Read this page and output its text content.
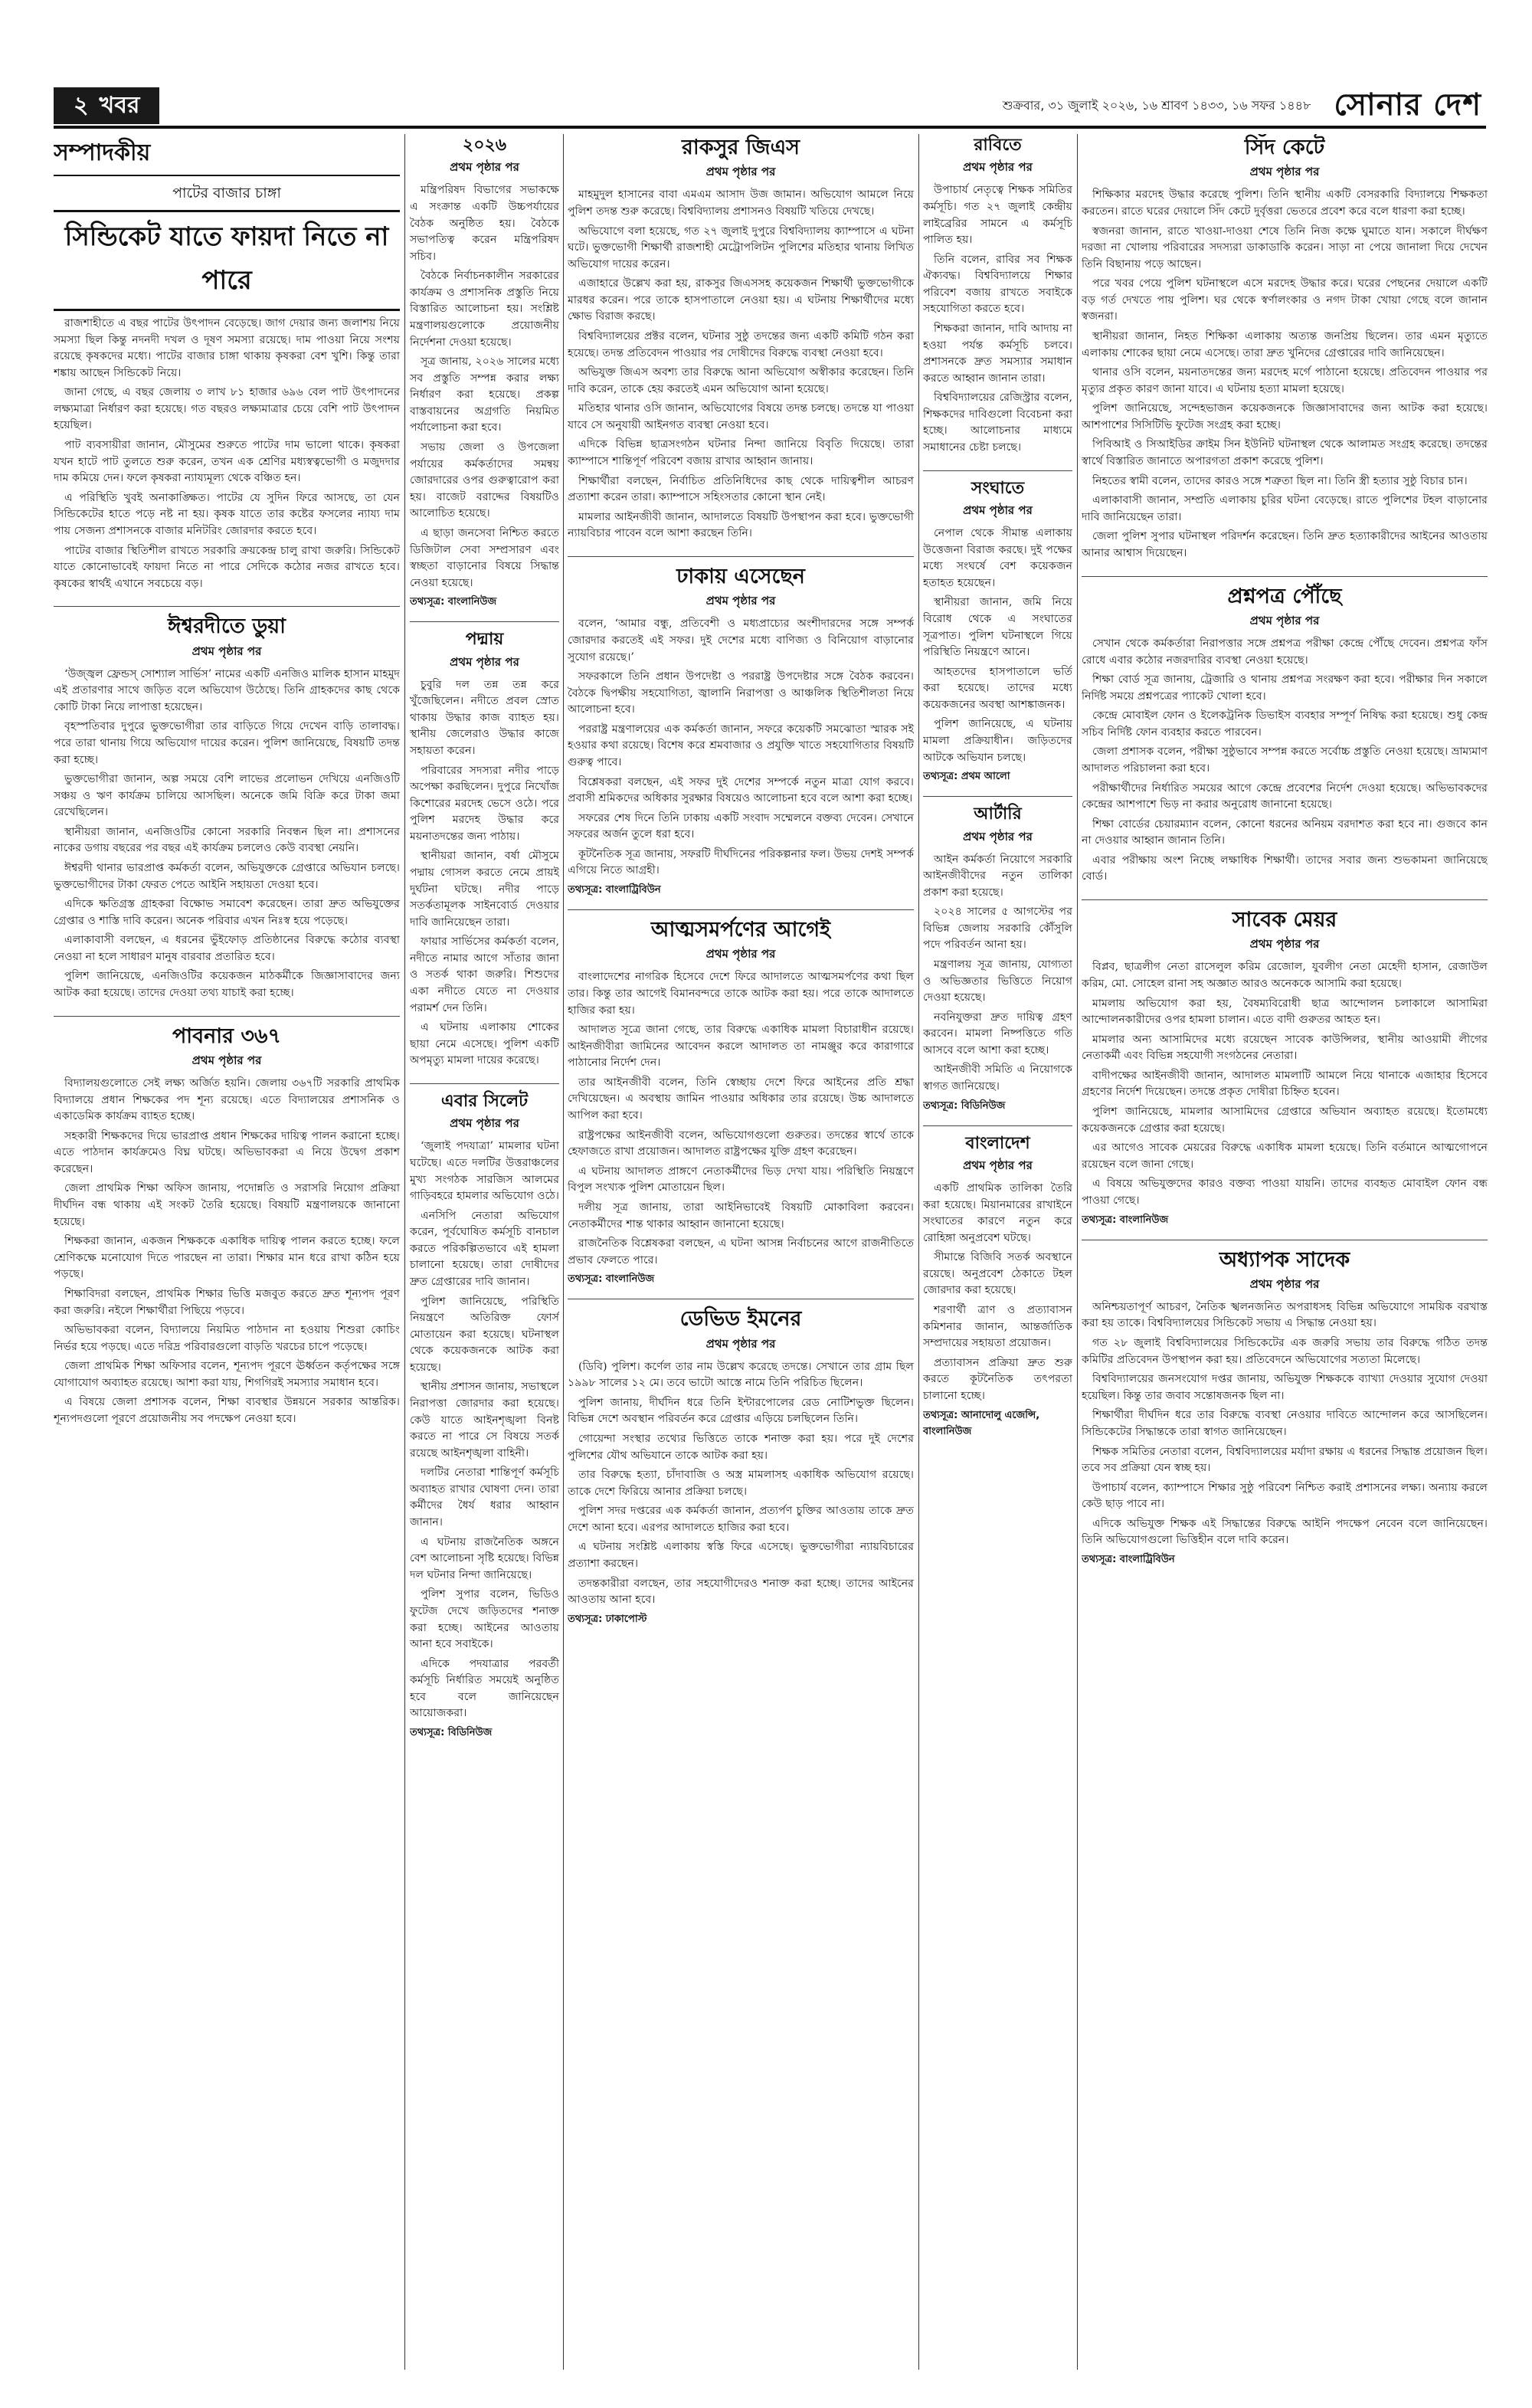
২ খবর	শুক্রবার, ৩১ জুলাই ২০২৬, ১৬ শ্রাবণ ১৪৩৩, ১৬ সফর ১৪৪৮ সোনার দেশ
সম্পাদকীয়
পাটের বাজার চাঙ্গা
সিন্ডিকেট যাতে ফায়দা নিতে না পারে

রাজশাহীতে এ বছর পাটের উৎপাদন বেড়েছে। জাগ দেয়ার জন্য জলাশয় নিয়ে সমস্যা ছিল কিন্তু নদনদী দখল ও দূষণ সমস্যা রয়েছে। দাম পাওয়া নিয়ে সংশয় রয়েছে কৃষকদের মধ্যে। পাটের বাজার চাঙ্গা থাকায় কৃষকরা বেশ খুশি। কিন্তু তারা শঙ্কায় আছেন সিন্ডিকেট নিয়ে।

জানা গেছে, এ বছর জেলায় ৩ লাখ ৮১ হাজার ৬৯৬ বেল পাট উৎপাদনের লক্ষ্যমাত্রা নির্ধারণ করা হয়েছে। গত বছরও লক্ষ্যমাত্রার চেয়ে বেশি পাট উৎপাদন হয়েছিল।

পাট ব্যবসায়ীরা জানান, মৌসুমের শুরুতে পাটের দাম ভালো থাকে। কৃষকরা যখন হাটে পাট তুলতে শুরু করেন, তখন এক শ্রেণির মধ্যস্বত্বভোগী ও মজুদদার দাম কমিয়ে দেন। ফলে কৃষকরা ন্যায্যমূল্য থেকে বঞ্চিত হন।

এ পরিস্থিতি খুবই অনাকাঙ্ক্ষিত। পাটের যে সুদিন ফিরে আসছে, তা যেন সিন্ডিকেটের হাতে পড়ে নষ্ট না হয়। কৃষক যাতে তার কষ্টের ফসলের ন্যায্য দাম পায় সেজন্য প্রশাসনকে বাজার মনিটরিং জোরদার করতে হবে।

পাটের বাজার স্থিতিশীল রাখতে সরকারি ক্রয়কেন্দ্র চালু রাখা জরুরি। সিন্ডিকেট যাতে কোনোভাবেই ফায়দা নিতে না পারে সেদিকে কঠোর নজর রাখতে হবে। কৃষকের স্বার্থই এখানে সবচেয়ে বড়।

ঈশ্বরদীতে ডুয়া
প্রথম পৃষ্ঠার পর

‘উজ্জ্বল ফ্রেন্ডস্ সোশ্যাল সার্ভিস’ নামের একটি এনজিও মালিক হাসান মাহমুদ এই প্রতারণার সাথে জড়িত বলে অভিযোগ উঠেছে। তিনি গ্রাহকদের কাছ থেকে কোটি টাকা নিয়ে লাপাত্তা হয়েছেন।

বৃহস্পতিবার দুপুরে ভুক্তভোগীরা তার বাড়িতে গিয়ে দেখেন বাড়ি তালাবদ্ধ। পরে তারা থানায় গিয়ে অভিযোগ দায়ের করেন। পুলিশ জানিয়েছে, বিষয়টি তদন্ত করা হচ্ছে।

ভুক্তভোগীরা জানান, অল্প সময়ে বেশি লাভের প্রলোভন দেখিয়ে এনজিওটি সঞ্চয় ও ঋণ কার্যক্রম চালিয়ে আসছিল। অনেকে জমি বিক্রি করে টাকা জমা রেখেছিলেন।

স্থানীয়রা জানান, এনজিওটির কোনো সরকারি নিবন্ধন ছিল না। প্রশাসনের নাকের ডগায় বছরের পর বছর এই কার্যক্রম চললেও কেউ ব্যবস্থা নেয়নি।

ঈশ্বরদী থানার ভারপ্রাপ্ত কর্মকর্তা বলেন, অভিযুক্তকে গ্রেপ্তারে অভিযান চলছে। ভুক্তভোগীদের টাকা ফেরত পেতে আইনি সহায়তা দেওয়া হবে।

এদিকে ক্ষতিগ্রস্ত গ্রাহকরা বিক্ষোভ সমাবেশ করেছেন। তারা দ্রুত অভিযুক্তের গ্রেপ্তার ও শাস্তি দাবি করেন। অনেক পরিবার এখন নিঃস্ব হয়ে পড়েছে।

এলাকাবাসী বলছেন, এ ধরনের ভুঁইফোড় প্রতিষ্ঠানের বিরুদ্ধে কঠোর ব্যবস্থা নেওয়া না হলে সাধারণ মানুষ বারবার প্রতারিত হবে।

পুলিশ জানিয়েছে, এনজিওটির কয়েকজন মাঠকর্মীকে জিজ্ঞাসাবাদের জন্য আটক করা হয়েছে। তাদের দেওয়া তথ্য যাচাই করা হচ্ছে।

পাবনার ৩৬৭
প্রথম পৃষ্ঠার পর

বিদ্যালয়গুলোতে সেই লক্ষ্য অর্জিত হয়নি। জেলায় ৩৬৭টি সরকারি প্রাথমিক বিদ্যালয়ে প্রধান শিক্ষকের পদ শূন্য রয়েছে। এতে বিদ্যালয়ের প্রশাসনিক ও একাডেমিক কার্যক্রম ব্যাহত হচ্ছে।

সহকারী শিক্ষকদের দিয়ে ভারপ্রাপ্ত প্রধান শিক্ষকের দায়িত্ব পালন করানো হচ্ছে। এতে পাঠদান কার্যক্রমেও বিঘ্ন ঘটছে। অভিভাবকরা এ নিয়ে উদ্বেগ প্রকাশ করেছেন।

জেলা প্রাথমিক শিক্ষা অফিস জানায়, পদোন্নতি ও সরাসরি নিয়োগ প্রক্রিয়া দীর্ঘদিন বন্ধ থাকায় এই সংকট তৈরি হয়েছে। বিষয়টি মন্ত্রণালয়কে জানানো হয়েছে।

শিক্ষকরা জানান, একজন শিক্ষককে একাধিক দায়িত্ব পালন করতে হচ্ছে। ফলে শ্রেণিকক্ষে মনোযোগ দিতে পারছেন না তারা। শিক্ষার মান ধরে রাখা কঠিন হয়ে পড়ছে।

শিক্ষাবিদরা বলছেন, প্রাথমিক শিক্ষার ভিত্তি মজবুত করতে দ্রুত শূন্যপদ পূরণ করা জরুরি। নইলে শিক্ষার্থীরা পিছিয়ে পড়বে।

অভিভাবকরা বলেন, বিদ্যালয়ে নিয়মিত পাঠদান না হওয়ায় শিশুরা কোচিং নির্ভর হয়ে পড়ছে। এতে দরিদ্র পরিবারগুলো বাড়তি খরচের চাপে পড়েছে।

জেলা প্রাথমিক শিক্ষা অফিসার বলেন, শূন্যপদ পূরণে ঊর্ধ্বতন কর্তৃপক্ষের সঙ্গে যোগাযোগ অব্যাহত রয়েছে। আশা করা যায়, শিগগিরই সমস্যার সমাধান হবে।

এ বিষয়ে জেলা প্রশাসক বলেন, শিক্ষা ব্যবস্থার উন্নয়নে সরকার আন্তরিক। শূন্যপদগুলো পূরণে প্রয়োজনীয় সব পদক্ষেপ নেওয়া হবে।

২০২৬
প্রথম পৃষ্ঠার পর

মন্ত্রিপরিষদ বিভাগের সভাকক্ষে এ সংক্রান্ত একটি উচ্চপর্যায়ের বৈঠক অনুষ্ঠিত হয়। বৈঠকে সভাপতিত্ব করেন মন্ত্রিপরিষদ সচিব।

বৈঠকে নির্বাচনকালীন সরকারের কার্যক্রম ও প্রশাসনিক প্রস্তুতি নিয়ে বিস্তারিত আলোচনা হয়। সংশ্লিষ্ট মন্ত্রণালয়গুলোকে প্রয়োজনীয় নির্দেশনা দেওয়া হয়েছে।

সূত্র জানায়, ২০২৬ সালের মধ্যে সব প্রস্তুতি সম্পন্ন করার লক্ষ্য নির্ধারণ করা হয়েছে। প্রকল্প বাস্তবায়নের অগ্রগতি নিয়মিত পর্যালোচনা করা হবে।

সভায় জেলা ও উপজেলা পর্যায়ের কর্মকর্তাদের সমন্বয় জোরদারের ওপর গুরুত্বারোপ করা হয়। বাজেট বরাদ্দের বিষয়টিও আলোচিত হয়েছে।

এ ছাড়া জনসেবা নিশ্চিত করতে ডিজিটাল সেবা সম্প্রসারণ এবং স্বচ্ছতা বাড়ানোর বিষয়ে সিদ্ধান্ত নেওয়া হয়েছে।

তথ্যসূত্র: বাংলানিউজ
পদ্মায়
প্রথম পৃষ্ঠার পর

চুবুরি দল তন্ন তন্ন করে খুঁজেছিলেন। নদীতে প্রবল স্রোত থাকায় উদ্ধার কাজ ব্যাহত হয়। স্থানীয় জেলেরাও উদ্ধার কাজে সহায়তা করেন।

পরিবারের সদস্যরা নদীর পাড়ে অপেক্ষা করছিলেন। দুপুরে নিখোঁজ কিশোরের মরদেহ ভেসে ওঠে। পরে পুলিশ মরদেহ উদ্ধার করে ময়নাতদন্তের জন্য পাঠায়।

স্থানীয়রা জানান, বর্ষা মৌসুমে পদ্মায় গোসল করতে নেমে প্রায়ই দুর্ঘটনা ঘটছে। নদীর পাড়ে সতর্কতামূলক সাইনবোর্ড দেওয়ার দাবি জানিয়েছেন তারা।

ফায়ার সার্ভিসের কর্মকর্তা বলেন, নদীতে নামার আগে সাঁতার জানা ও সতর্ক থাকা জরুরি। শিশুদের একা নদীতে যেতে না দেওয়ার পরামর্শ দেন তিনি।

এ ঘটনায় এলাকায় শোকের ছায়া নেমে এসেছে। পুলিশ একটি অপমৃত্যু মামলা দায়ের করেছে।

এবার সিলেট
প্রথম পৃষ্ঠার পর

‘জুলাই পদযাত্রা’ মামলার ঘটনা ঘটেছে। এতে দলটির উত্তরাঞ্চলের মুখ্য সংগঠক সারজিস আলমের গাড়িবহরে হামলার অভিযোগ ওঠে।

এনসিপি নেতারা অভিযোগ করেন, পূর্বঘোষিত কর্মসূচি বানচাল করতে পরিকল্পিতভাবে এই হামলা চালানো হয়েছে। তারা দোষীদের দ্রুত গ্রেপ্তারের দাবি জানান।

পুলিশ জানিয়েছে, পরিস্থিতি নিয়ন্ত্রণে অতিরিক্ত ফোর্স মোতায়েন করা হয়েছে। ঘটনাস্থল থেকে কয়েকজনকে আটক করা হয়েছে।

স্থানীয় প্রশাসন জানায়, সভাস্থলে নিরাপত্তা জোরদার করা হয়েছে। কেউ যাতে আইনশৃঙ্খলা বিনষ্ট করতে না পারে সে বিষয়ে সতর্ক রয়েছে আইনশৃঙ্খলা বাহিনী।

দলটির নেতারা শান্তিপূর্ণ কর্মসূচি অব্যাহত রাখার ঘোষণা দেন। তারা কর্মীদের ধৈর্য ধরার আহ্বান জানান।

এ ঘটনায় রাজনৈতিক অঙ্গনে বেশ আলোচনা সৃষ্টি হয়েছে। বিভিন্ন দল ঘটনার নিন্দা জানিয়েছে।

পুলিশ সুপার বলেন, ভিডিও ফুটেজ দেখে জড়িতদের শনাক্ত করা হচ্ছে। আইনের আওতায় আনা হবে সবাইকে।

এদিকে পদযাত্রার পরবর্তী কর্মসূচি নির্ধারিত সময়েই অনুষ্ঠিত হবে বলে জানিয়েছেন আয়োজকরা।

তথ্যসূত্র: বিডিনিউজ
রাকসুর জিএস
প্রথম পৃষ্ঠার পর

মাহমুদুল হাসানের বাবা এমএম আসাদ উজ জামান। অভিযোগ আমলে নিয়ে পুলিশ তদন্ত শুরু করেছে। বিশ্ববিদ্যালয় প্রশাসনও বিষয়টি খতিয়ে দেখছে।

অভিযোগে বলা হয়েছে, গত ২৭ জুলাই দুপুরে বিশ্ববিদ্যালয় ক্যাম্পাসে এ ঘটনা ঘটে। ভুক্তভোগী শিক্ষার্থী রাজশাহী মেট্রোপলিটন পুলিশের মতিহার থানায় লিখিত অভিযোগ দায়ের করেন।

এজাহারে উল্লেখ করা হয়, রাকসুর জিএসসহ কয়েকজন শিক্ষার্থী ভুক্তভোগীকে মারধর করেন। পরে তাকে হাসপাতালে নেওয়া হয়। এ ঘটনায় শিক্ষার্থীদের মধ্যে ক্ষোভ বিরাজ করছে।

বিশ্ববিদ্যালয়ের প্রক্টর বলেন, ঘটনার সুষ্ঠু তদন্তের জন্য একটি কমিটি গঠন করা হয়েছে। তদন্ত প্রতিবেদন পাওয়ার পর দোষীদের বিরুদ্ধে ব্যবস্থা নেওয়া হবে।

অভিযুক্ত জিএস অবশ্য তার বিরুদ্ধে আনা অভিযোগ অস্বীকার করেছেন। তিনি দাবি করেন, তাকে হেয় করতেই এমন অভিযোগ আনা হয়েছে।

মতিহার থানার ওসি জানান, অভিযোগের বিষয়ে তদন্ত চলছে। তদন্তে যা পাওয়া যাবে সে অনুযায়ী আইনগত ব্যবস্থা নেওয়া হবে।

এদিকে বিভিন্ন ছাত্রসংগঠন ঘটনার নিন্দা জানিয়ে বিবৃতি দিয়েছে। তারা ক্যাম্পাসে শান্তিপূর্ণ পরিবেশ বজায় রাখার আহ্বান জানায়।

শিক্ষার্থীরা বলছেন, নির্বাচিত প্রতিনিধিদের কাছ থেকে দায়িত্বশীল আচরণ প্রত্যাশা করেন তারা। ক্যাম্পাসে সহিংসতার কোনো স্থান নেই।

মামলার আইনজীবী জানান, আদালতে বিষয়টি উপস্থাপন করা হবে। ভুক্তভোগী ন্যায়বিচার পাবেন বলে আশা করছেন তিনি।

ঢাকায় এসেছেন
প্রথম পৃষ্ঠার পর

বলেন, ‘আমার বন্ধু, প্রতিবেশী ও মধ্যপ্রাচ্যের অংশীদারদের সঙ্গে সম্পর্ক জোরদার করতেই এই সফর। দুই দেশের মধ্যে বাণিজ্য ও বিনিয়োগ বাড়ানোর সুযোগ রয়েছে।’

সফরকালে তিনি প্রধান উপদেষ্টা ও পররাষ্ট্র উপদেষ্টার সঙ্গে বৈঠক করবেন। বৈঠকে দ্বিপক্ষীয় সহযোগিতা, জ্বালানি নিরাপত্তা ও আঞ্চলিক স্থিতিশীলতা নিয়ে আলোচনা হবে।

পররাষ্ট্র মন্ত্রণালয়ের এক কর্মকর্তা জানান, সফরে কয়েকটি সমঝোতা স্মারক সই হওয়ার কথা রয়েছে। বিশেষ করে শ্রমবাজার ও প্রযুক্তি খাতে সহযোগিতার বিষয়টি গুরুত্ব পাবে।

বিশ্লেষকরা বলছেন, এই সফর দুই দেশের সম্পর্কে নতুন মাত্রা যোগ করবে। প্রবাসী শ্রমিকদের অধিকার সুরক্ষার বিষয়েও আলোচনা হবে বলে আশা করা হচ্ছে।

সফরের শেষ দিনে তিনি ঢাকায় একটি সংবাদ সম্মেলনে বক্তব্য দেবেন। সেখানে সফরের অর্জন তুলে ধরা হবে।

কূটনৈতিক সূত্র জানায়, সফরটি দীর্ঘদিনের পরিকল্পনার ফল। উভয় দেশই সম্পর্ক এগিয়ে নিতে আগ্রহী।

তথ্যসূত্র: বাংলাট্রিবিউন
আত্মসমর্পণের আগেই
প্রথম পৃষ্ঠার পর

বাংলাদেশের নাগরিক হিসেবে দেশে ফিরে আদালতে আত্মসমর্পণের কথা ছিল তার। কিন্তু তার আগেই বিমানবন্দরে তাকে আটক করা হয়। পরে তাকে আদালতে হাজির করা হয়।

আদালত সূত্রে জানা গেছে, তার বিরুদ্ধে একাধিক মামলা বিচারাধীন রয়েছে। আইনজীবীরা জামিনের আবেদন করলে আদালত তা নামঞ্জুর করে কারাগারে পাঠানোর নির্দেশ দেন।

তার আইনজীবী বলেন, তিনি স্বেচ্ছায় দেশে ফিরে আইনের প্রতি শ্রদ্ধা দেখিয়েছেন। এ অবস্থায় জামিন পাওয়ার অধিকার তার রয়েছে। উচ্চ আদালতে আপিল করা হবে।

রাষ্ট্রপক্ষের আইনজীবী বলেন, অভিযোগগুলো গুরুতর। তদন্তের স্বার্থে তাকে হেফাজতে রাখা প্রয়োজন। আদালত রাষ্ট্রপক্ষের যুক্তি গ্রহণ করেছেন।

এ ঘটনায় আদালত প্রাঙ্গণে নেতাকর্মীদের ভিড় দেখা যায়। পরিস্থিতি নিয়ন্ত্রণে বিপুল সংখ্যক পুলিশ মোতায়েন ছিল।

দলীয় সূত্র জানায়, তারা আইনিভাবেই বিষয়টি মোকাবিলা করবেন। নেতাকর্মীদের শান্ত থাকার আহ্বান জানানো হয়েছে।

রাজনৈতিক বিশ্লেষকরা বলছেন, এ ঘটনা আসন্ন নির্বাচনের আগে রাজনীতিতে প্রভাব ফেলতে পারে।

তথ্যসূত্র: বাংলানিউজ
ডেভিড ইমনের
প্রথম পৃষ্ঠার পর

(ডিবি) পুলিশ। কর্ণেল তার নাম উল্লেখ করেছে তদন্তে। সেখানে তার গ্রাম ছিল ১৯৯৮ সালের ১২ মে। তবে ভাটো আস্তে নামে তিনি পরিচিত ছিলেন।

পুলিশ জানায়, দীর্ঘদিন ধরে তিনি ইন্টারপোলের রেড নোটিশভুক্ত ছিলেন। বিভিন্ন দেশে অবস্থান পরিবর্তন করে গ্রেপ্তার এড়িয়ে চলছিলেন তিনি।

গোয়েন্দা সংস্থার তথ্যের ভিত্তিতে তাকে শনাক্ত করা হয়। পরে দুই দেশের পুলিশের যৌথ অভিযানে তাকে আটক করা হয়।

তার বিরুদ্ধে হত্যা, চাঁদাবাজি ও অস্ত্র মামলাসহ একাধিক অভিযোগ রয়েছে। তাকে দেশে ফিরিয়ে আনার প্রক্রিয়া চলছে।

পুলিশ সদর দপ্তরের এক কর্মকর্তা জানান, প্রত্যর্পণ চুক্তির আওতায় তাকে দ্রুত দেশে আনা হবে। এরপর আদালতে হাজির করা হবে।

এ ঘটনায় সংশ্লিষ্ট এলাকায় স্বস্তি ফিরে এসেছে। ভুক্তভোগীরা ন্যায়বিচারের প্রত্যাশা করছেন।

তদন্তকারীরা বলছেন, তার সহযোগীদেরও শনাক্ত করা হচ্ছে। তাদের আইনের আওতায় আনা হবে।

তথ্যসূত্র: ঢাকাপোস্ট
রাবিতে
প্রথম পৃষ্ঠার পর

উপাচার্য নেতৃত্বে শিক্ষক সমিতির কর্মসূচি। গত ২৭ জুলাই কেন্দ্রীয় লাইব্রেরির সামনে এ কর্মসূচি পালিত হয়।

তিনি বলেন, রাবির সব শিক্ষক ঐক্যবদ্ধ। বিশ্ববিদ্যালয়ে শিক্ষার পরিবেশ বজায় রাখতে সবাইকে সহযোগিতা করতে হবে।

শিক্ষকরা জানান, দাবি আদায় না হওয়া পর্যন্ত কর্মসূচি চলবে। প্রশাসনকে দ্রুত সমস্যার সমাধান করতে আহ্বান জানান তারা।

বিশ্ববিদ্যালয়ের রেজিস্ট্রার বলেন, শিক্ষকদের দাবিগুলো বিবেচনা করা হচ্ছে। আলোচনার মাধ্যমে সমাধানের চেষ্টা চলছে।

সংঘাতে
প্রথম পৃষ্ঠার পর

নেপাল থেকে সীমান্ত এলাকায় উত্তেজনা বিরাজ করছে। দুই পক্ষের মধ্যে সংঘর্ষে বেশ কয়েকজন হতাহত হয়েছেন।

স্থানীয়রা জানান, জমি নিয়ে বিরোধ থেকে এ সংঘাতের সূত্রপাত। পুলিশ ঘটনাস্থলে গিয়ে পরিস্থিতি নিয়ন্ত্রণে আনে।

আহতদের হাসপাতালে ভর্তি করা হয়েছে। তাদের মধ্যে কয়েকজনের অবস্থা আশঙ্কাজনক।

পুলিশ জানিয়েছে, এ ঘটনায় মামলা প্রক্রিয়াধীন। জড়িতদের আটকে অভিযান চলছে।

তথ্যসূত্র: প্রথম আলো
আর্টারি
প্রথম পৃষ্ঠার পর

আইন কর্মকর্তা নিয়োগে সরকারি আইনজীবীদের নতুন তালিকা প্রকাশ করা হয়েছে।

২০২৪ সালের ৫ আগস্টের পর বিভিন্ন জেলায় সরকারি কৌঁসুলি পদে পরিবর্তন আনা হয়।

মন্ত্রণালয় সূত্র জানায়, যোগ্যতা ও অভিজ্ঞতার ভিত্তিতে নিয়োগ দেওয়া হয়েছে।

নবনিযুক্তরা দ্রুত দায়িত্ব গ্রহণ করবেন। মামলা নিষ্পত্তিতে গতি আসবে বলে আশা করা হচ্ছে।

আইনজীবী সমিতি এ নিয়োগকে স্বাগত জানিয়েছে।

তথ্যসূত্র: বিডিনিউজ
বাংলাদেশ
প্রথম পৃষ্ঠার পর

একটি প্রাথমিক তালিকা তৈরি করা হয়েছে। মিয়ানমারের রাখাইনে সংঘাতের কারণে নতুন করে রোহিঙ্গা অনুপ্রবেশ ঘটছে।

সীমান্তে বিজিবি সতর্ক অবস্থানে রয়েছে। অনুপ্রবেশ ঠেকাতে টহল জোরদার করা হয়েছে।

শরণার্থী ত্রাণ ও প্রত্যাবাসন কমিশনার জানান, আন্তর্জাতিক সম্প্রদায়ের সহায়তা প্রয়োজন।

প্রত্যাবাসন প্রক্রিয়া দ্রুত শুরু করতে কূটনৈতিক তৎপরতা চালানো হচ্ছে।

তথ্যসূত্র: আনাদোলু এজেন্সি, বাংলানিউজ
সিঁদ কেটে
প্রথম পৃষ্ঠার পর

শিক্ষিকার মরদেহ উদ্ধার করেছে পুলিশ। তিনি স্থানীয় একটি বেসরকারি বিদ্যালয়ে শিক্ষকতা করতেন। রাতে ঘরের দেয়ালে সিঁদ কেটে দুর্বৃত্তরা ভেতরে প্রবেশ করে বলে ধারণা করা হচ্ছে।

স্বজনরা জানান, রাতে খাওয়া-দাওয়া শেষে তিনি নিজ কক্ষে ঘুমাতে যান। সকালে দীর্ঘক্ষণ দরজা না খোলায় পরিবারের সদস্যরা ডাকাডাকি করেন। সাড়া না পেয়ে জানালা দিয়ে দেখেন তিনি বিছানায় পড়ে আছেন।

পরে খবর পেয়ে পুলিশ ঘটনাস্থলে এসে মরদেহ উদ্ধার করে। ঘরের পেছনের দেয়ালে একটি বড় গর্ত দেখতে পায় পুলিশ। ঘর থেকে স্বর্ণালংকার ও নগদ টাকা খোয়া গেছে বলে জানান স্বজনরা।

স্থানীয়রা জানান, নিহত শিক্ষিকা এলাকায় অত্যন্ত জনপ্রিয় ছিলেন। তার এমন মৃত্যুতে এলাকায় শোকের ছায়া নেমে এসেছে। তারা দ্রুত খুনিদের গ্রেপ্তারের দাবি জানিয়েছেন।

থানার ওসি বলেন, ময়নাতদন্তের জন্য মরদেহ মর্গে পাঠানো হয়েছে। প্রতিবেদন পাওয়ার পর মৃত্যুর প্রকৃত কারণ জানা যাবে। এ ঘটনায় হত্যা মামলা হয়েছে।

পুলিশ জানিয়েছে, সন্দেহভাজন কয়েকজনকে জিজ্ঞাসাবাদের জন্য আটক করা হয়েছে। আশপাশের সিসিটিভি ফুটেজ সংগ্রহ করা হচ্ছে।

পিবিআই ও সিআইডির ক্রাইম সিন ইউনিট ঘটনাস্থল থেকে আলামত সংগ্রহ করেছে। তদন্তের স্বার্থে বিস্তারিত জানাতে অপারগতা প্রকাশ করেছে পুলিশ।

নিহতের স্বামী বলেন, তাদের কারও সঙ্গে শত্রুতা ছিল না। তিনি স্ত্রী হত্যার সুষ্ঠু বিচার চান।

এলাকাবাসী জানান, সম্প্রতি এলাকায় চুরির ঘটনা বেড়েছে। রাতে পুলিশের টহল বাড়ানোর দাবি জানিয়েছেন তারা।

জেলা পুলিশ সুপার ঘটনাস্থল পরিদর্শন করেছেন। তিনি দ্রুত হত্যাকারীদের আইনের আওতায় আনার আশ্বাস দিয়েছেন।

প্রশ্নপত্র পৌঁছে
প্রথম পৃষ্ঠার পর

সেখান থেকে কর্মকর্তারা নিরাপত্তার সঙ্গে প্রশ্নপত্র পরীক্ষা কেন্দ্রে পৌঁছে দেবেন। প্রশ্নপত্র ফাঁস রোধে এবার কঠোর নজরদারির ব্যবস্থা নেওয়া হয়েছে।

শিক্ষা বোর্ড সূত্র জানায়, ট্রেজারি ও থানায় প্রশ্নপত্র সংরক্ষণ করা হবে। পরীক্ষার দিন সকালে নির্দিষ্ট সময়ে প্রশ্নপত্রের প্যাকেট খোলা হবে।

কেন্দ্রে মোবাইল ফোন ও ইলেকট্রনিক ডিভাইস ব্যবহার সম্পূর্ণ নিষিদ্ধ করা হয়েছে। শুধু কেন্দ্র সচিব নির্দিষ্ট ফোন ব্যবহার করতে পারবেন।

জেলা প্রশাসক বলেন, পরীক্ষা সুষ্ঠুভাবে সম্পন্ন করতে সর্বোচ্চ প্রস্তুতি নেওয়া হয়েছে। ভ্রাম্যমাণ আদালত পরিচালনা করা হবে।

পরীক্ষার্থীদের নির্ধারিত সময়ের আগে কেন্দ্রে প্রবেশের নির্দেশ দেওয়া হয়েছে। অভিভাবকদের কেন্দ্রের আশপাশে ভিড় না করার অনুরোধ জানানো হয়েছে।

শিক্ষা বোর্ডের চেয়ারম্যান বলেন, কোনো ধরনের অনিয়ম বরদাশত করা হবে না। গুজবে কান না দেওয়ার আহ্বান জানান তিনি।

এবার পরীক্ষায় অংশ নিচ্ছে লক্ষাধিক শিক্ষার্থী। তাদের সবার জন্য শুভকামনা জানিয়েছে বোর্ড।

সাবেক মেয়র
প্রথম পৃষ্ঠার পর

বিপ্লব, ছাত্রলীগ নেতা রাসেলুল করিম রেজোল, যুবলীগ নেতা মেহেদী হাসান, রেজাউল করিম, মো. সোহেল রানা সহ অজ্ঞাত আরও অনেককে আসামি করা হয়েছে।

মামলায় অভিযোগ করা হয়, বৈষম্যবিরোধী ছাত্র আন্দোলন চলাকালে আসামিরা আন্দোলনকারীদের ওপর হামলা চালান। এতে বাদী গুরুতর আহত হন।

মামলার অন্য আসামিদের মধ্যে রয়েছেন সাবেক কাউন্সিলর, স্থানীয় আওয়ামী লীগের নেতাকর্মী এবং বিভিন্ন সহযোগী সংগঠনের নেতারা।

বাদীপক্ষের আইনজীবী জানান, আদালত মামলাটি আমলে নিয়ে থানাকে এজাহার হিসেবে গ্রহণের নির্দেশ দিয়েছেন। তদন্তে প্রকৃত দোষীরা চিহ্নিত হবেন।

পুলিশ জানিয়েছে, মামলার আসামিদের গ্রেপ্তারে অভিযান অব্যাহত রয়েছে। ইতোমধ্যে কয়েকজনকে গ্রেপ্তার করা হয়েছে।

এর আগেও সাবেক মেয়রের বিরুদ্ধে একাধিক মামলা হয়েছে। তিনি বর্তমানে আত্মগোপনে রয়েছেন বলে জানা গেছে।

এ বিষয়ে অভিযুক্তদের কারও বক্তব্য পাওয়া যায়নি। তাদের ব্যবহৃত মোবাইল ফোন বন্ধ পাওয়া গেছে।

তথ্যসূত্র: বাংলানিউজ
অধ্যাপক সাদেক
প্রথম পৃষ্ঠার পর

অনিশ্চয়তাপূর্ণ আচরণ, নৈতিক স্খলনজনিত অপরাধসহ বিভিন্ন অভিযোগে সাময়িক বরখাস্ত করা হয় তাকে। বিশ্ববিদ্যালয়ের সিন্ডিকেট সভায় এ সিদ্ধান্ত নেওয়া হয়।

গত ২৮ জুলাই বিশ্ববিদ্যালয়ের সিন্ডিকেটের এক জরুরি সভায় তার বিরুদ্ধে গঠিত তদন্ত কমিটির প্রতিবেদন উপস্থাপন করা হয়। প্রতিবেদনে অভিযোগের সত্যতা মিলেছে।

বিশ্ববিদ্যালয়ের জনসংযোগ দপ্তর জানায়, অভিযুক্ত শিক্ষককে ব্যাখ্যা দেওয়ার সুযোগ দেওয়া হয়েছিল। কিন্তু তার জবাব সন্তোষজনক ছিল না।

শিক্ষার্থীরা দীর্ঘদিন ধরে তার বিরুদ্ধে ব্যবস্থা নেওয়ার দাবিতে আন্দোলন করে আসছিলেন। সিন্ডিকেটের সিদ্ধান্তকে তারা স্বাগত জানিয়েছেন।

শিক্ষক সমিতির নেতারা বলেন, বিশ্ববিদ্যালয়ের মর্যাদা রক্ষায় এ ধরনের সিদ্ধান্ত প্রয়োজন ছিল। তবে সব প্রক্রিয়া যেন স্বচ্ছ হয়।

উপাচার্য বলেন, ক্যাম্পাসে শিক্ষার সুষ্ঠু পরিবেশ নিশ্চিত করাই প্রশাসনের লক্ষ্য। অন্যায় করলে কেউ ছাড় পাবে না।

এদিকে অভিযুক্ত শিক্ষক এই সিদ্ধান্তের বিরুদ্ধে আইনি পদক্ষেপ নেবেন বলে জানিয়েছেন। তিনি অভিযোগগুলো ভিত্তিহীন বলে দাবি করেন।

তথ্যসূত্র: বাংলাট্রিবিউন
